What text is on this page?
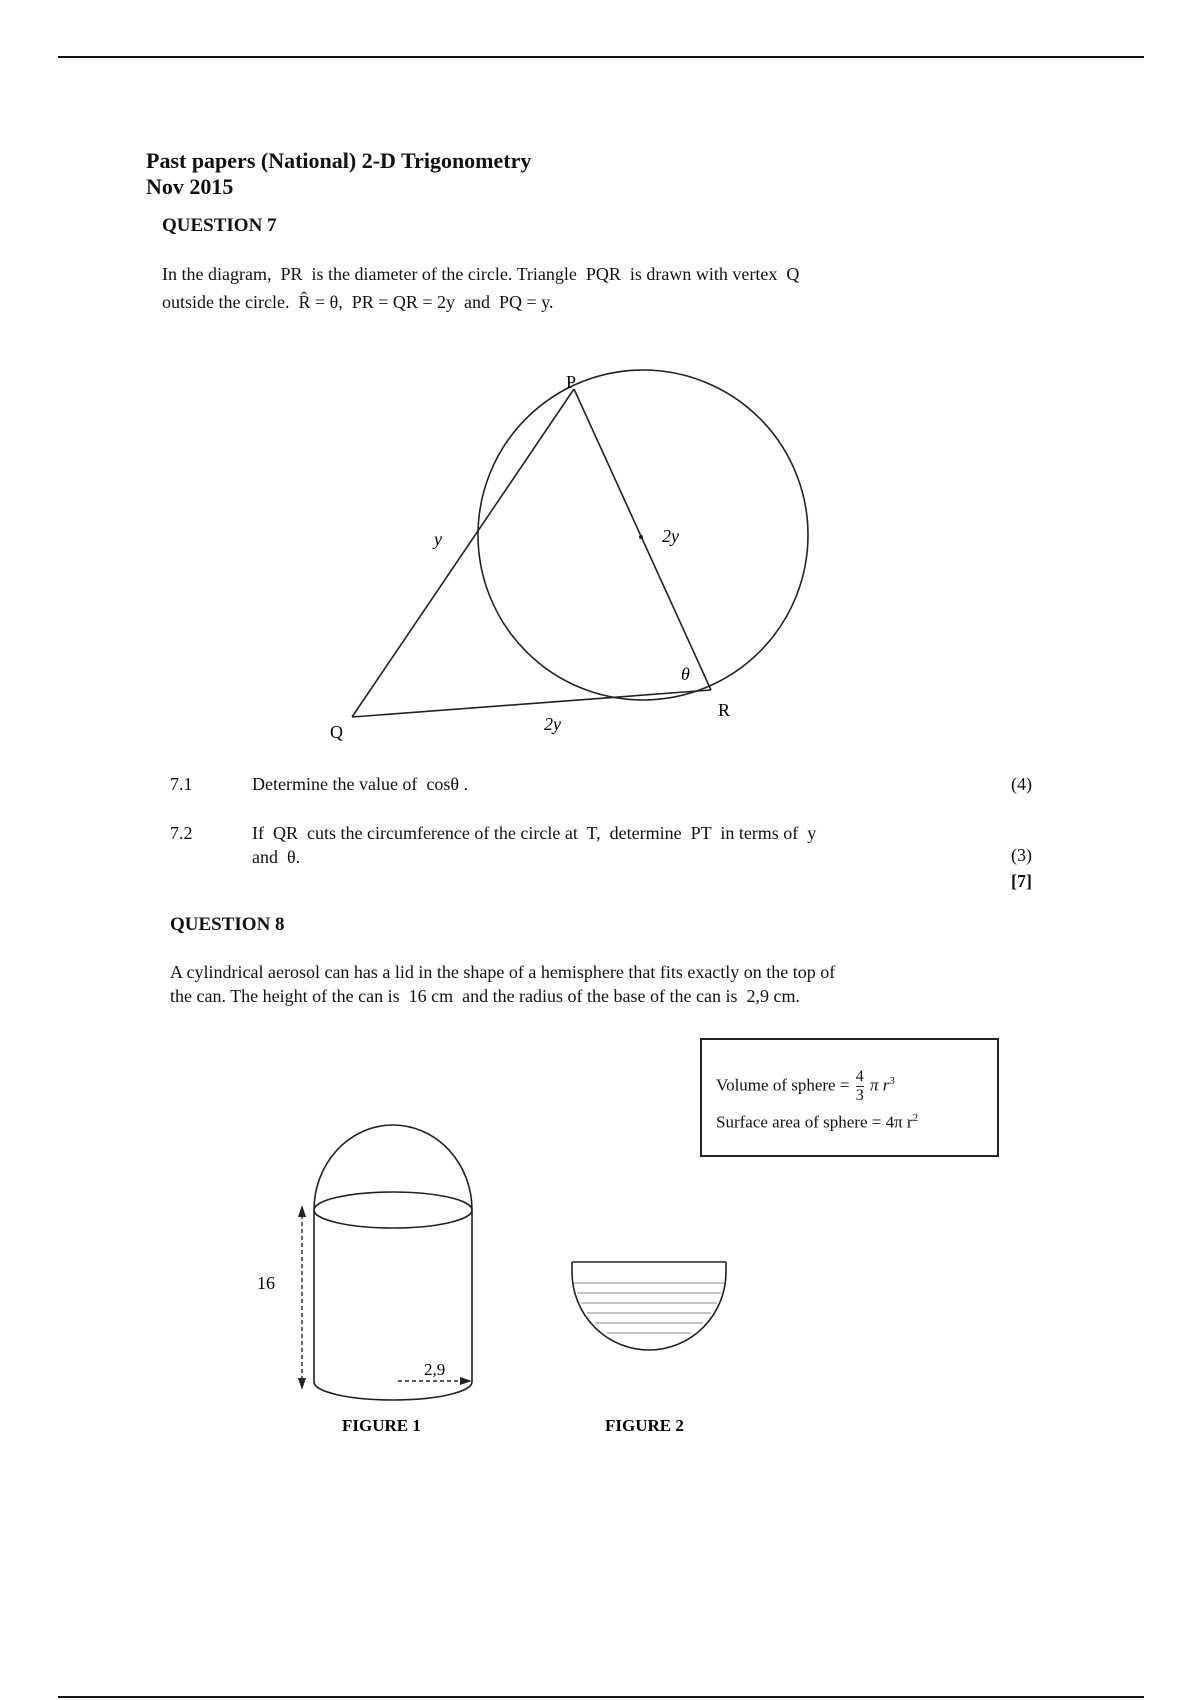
Past papers (National) 2-D Trigonometry
Nov 2015
QUESTION 7
In the diagram,  PR  is the diameter of the circle. Triangle  PQR  is drawn with vertex  Q
outside the circle.  R̂ = θ,  PR = QR = 2y  and  PQ = y.
P
Q
R
y	2y
2y
θ
7.1	Determine the value of  cosθ .	(4)
7.2	If  QR  cuts the circumference of the circle at  T,  determine  PT  in terms of  y
and  θ.	(3)
[7]
QUESTION 8
A cylindrical aerosol can has a lid in the shape of a hemisphere that fits exactly on the top of
the can. The height of the can is  16 cm  and the radius of the base of the can is  2,9 cm.
Volume of sphere = $\frac{4}{3}$ π $r^3$
Surface area of sphere = 4π $r^2$
16
2,9
FIGURE 1	FIGURE 2
